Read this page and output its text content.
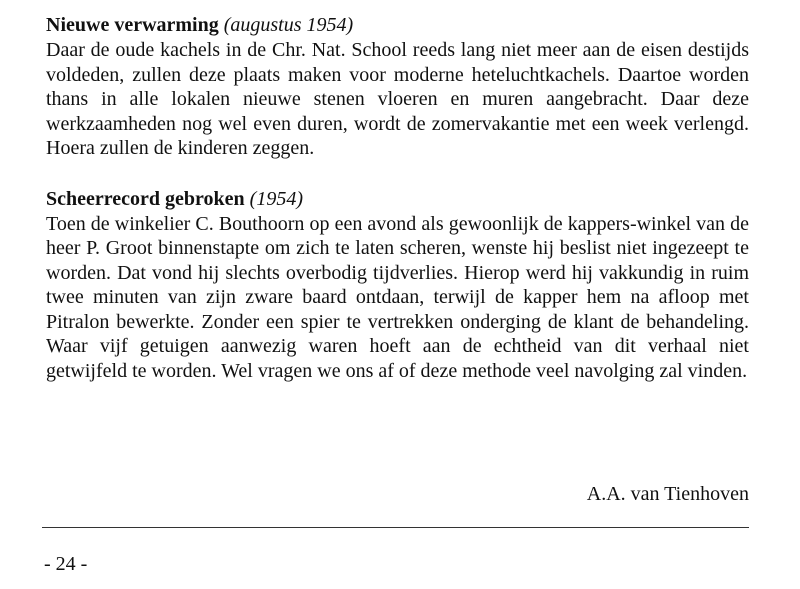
Nieuwe verwarming (augustus 1954)

Daar de oude kachels in de Chr. Nat. School reeds lang niet meer aan de eisen destijds voldeden, zullen deze plaats maken voor moderne heteluchtkachels. Daartoe worden thans in alle lokalen nieuwe stenen vloeren en muren aangebracht. Daar deze werkzaamheden nog wel even duren, wordt de zomervakantie met een week verlengd. Hoera zullen de kinderen zeggen.

Scheerrecord gebroken (1954)

Toen de winkelier C. Bouthoorn op een avond als gewoonlijk de kappers-winkel van de heer P. Groot binnenstapte om zich te laten scheren, wenste hij beslist niet ingezeept te worden. Dat vond hij slechts overbodig tijdverlies. Hierop werd hij vakkundig in ruim twee minuten van zijn zware baard ontdaan, terwijl de kapper hem na afloop met Pitralon bewerkte. Zonder een spier te vertrekken onderging de klant de behandeling. Waar vijf getuigen aanwezig waren hoeft aan de echtheid van dit verhaal niet getwijfeld te worden. Wel vragen we ons af of deze methode veel navolging zal vinden.

A.A. van Tienhoven
- 24 -
